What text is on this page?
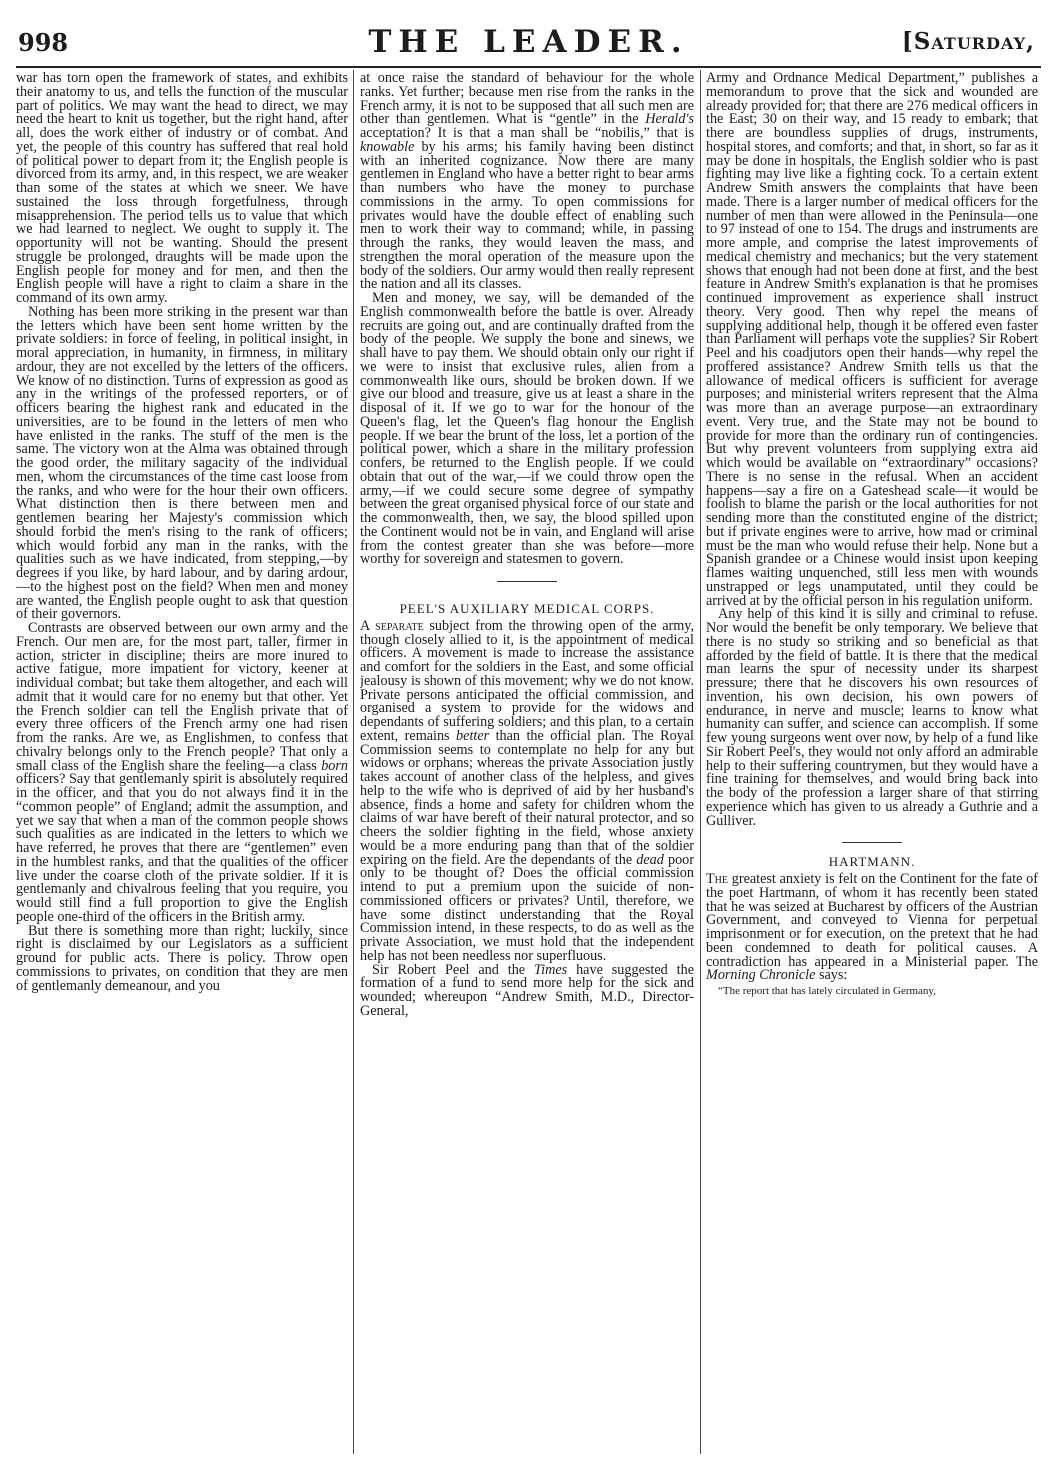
998	THE LEADER.	[Saturday,

war has torn open the framework of states, and exhibits their anatomy to us, and tells the function of the muscular part of politics. We may want the head to direct, we may need the heart to knit us together, but the right hand, after all, does the work either of industry or of combat. And yet, the people of this country has suffered that real hold of political power to depart from it; the English people is divorced from its army, and, in this respect, we are weaker than some of the states at which we sneer. We have sustained the loss through forgetfulness, through misapprehension. The period tells us to value that which we had learned to neglect. We ought to supply it. The opportunity will not be wanting. Should the present struggle be prolonged, draughts will be made upon the English people for money and for men, and then the English people will have a right to claim a share in the command of its own army.

Nothing has been more striking in the present war than the letters which have been sent home written by the private soldiers: in force of feeling, in political insight, in moral appreciation, in humanity, in firmness, in military ardour, they are not excelled by the letters of the officers. We know of no distinction. Turns of expression as good as any in the writings of the professed reporters, or of officers bearing the highest rank and educated in the universities, are to be found in the letters of men who have enlisted in the ranks. The stuff of the men is the same. The victory won at the Alma was obtained through the good order, the military sagacity of the individual men, whom the circumstances of the time cast loose from the ranks, and who were for the hour their own officers. What distinction then is there between men and gentlemen bearing her Majesty's commission which should forbid the men's rising to the rank of officers; which would forbid any man in the ranks, with the qualities such as we have indicated, from stepping,—by degrees if you like, by hard labour, and by daring ardour,—to the highest post on the field? When men and money are wanted, the English people ought to ask that question of their governors.

Contrasts are observed between our own army and the French. Our men are, for the most part, taller, firmer in action, stricter in discipline; theirs are more inured to active fatigue, more impatient for victory, keener at individual combat; but take them altogether, and each will admit that it would care for no enemy but that other. Yet the French soldier can tell the English private that of every three officers of the French army one had risen from the ranks. Are we, as Englishmen, to confess that chivalry belongs only to the French people? That only a small class of the English share the feeling—a class born officers? Say that gentlemanly spirit is absolutely required in the officer, and that you do not always find it in the “common people” of England; admit the assumption, and yet we say that when a man of the common people shows such qualities as are indicated in the letters to which we have referred, he proves that there are “gentlemen” even in the humblest ranks, and that the qualities of the officer live under the coarse cloth of the private soldier. If it is gentlemanly and chivalrous feeling that you require, you would still find a full proportion to give the English people one-third of the officers in the British army.

But there is something more than right; luckily, since right is disclaimed by our Legislators as a sufficient ground for public acts. There is policy. Throw open commissions to privates, on condition that they are men of gentlemanly demeanour, and you

at once raise the standard of behaviour for the whole ranks. Yet further; because men rise from the ranks in the French army, it is not to be supposed that all such men are other than gentlemen. What is “gentle” in the Herald's acceptation? It is that a man shall be “nobilis,” that is knowable by his arms; his family having been distinct with an inherited cognizance. Now there are many gentlemen in England who have a better right to bear arms than numbers who have the money to purchase commissions in the army. To open commissions for privates would have the double effect of enabling such men to work their way to command; while, in passing through the ranks, they would leaven the mass, and strengthen the moral operation of the measure upon the body of the soldiers. Our army would then really represent the nation and all its classes.

Men and money, we say, will be demanded of the English commonwealth before the battle is over. Already recruits are going out, and are continually drafted from the body of the people. We supply the bone and sinews, we shall have to pay them. We should obtain only our right if we were to insist that exclusive rules, alien from a commonwealth like ours, should be broken down. If we give our blood and treasure, give us at least a share in the disposal of it. If we go to war for the honour of the Queen's flag, let the Queen's flag honour the English people. If we bear the brunt of the loss, let a portion of the political power, which a share in the military profession confers, be returned to the English people. If we could obtain that out of the war,—if we could throw open the army,—if we could secure some degree of sympathy between the great organised physical force of our state and the commonwealth, then, we say, the blood spilled upon the Continent would not be in vain, and England will arise from the contest greater than she was before—more worthy for sovereign and statesmen to govern.

PEEL'S AUXILIARY MEDICAL CORPS.

A separate subject from the throwing open of the army, though closely allied to it, is the appointment of medical officers. A movement is made to increase the assistance and comfort for the soldiers in the East, and some official jealousy is shown of this movement; why we do not know. Private persons anticipated the official commission, and organised a system to provide for the widows and dependants of suffering soldiers; and this plan, to a certain extent, remains better than the official plan. The Royal Commission seems to contemplate no help for any but widows or orphans; whereas the private Association justly takes account of another class of the helpless, and gives help to the wife who is deprived of aid by her husband's absence, finds a home and safety for children whom the claims of war have bereft of their natural protector, and so cheers the soldier fighting in the field, whose anxiety would be a more enduring pang than that of the soldier expiring on the field. Are the dependants of the dead poor only to be thought of? Does the official commission intend to put a premium upon the suicide of non-commissioned officers or privates? Until, therefore, we have some distinct understanding that the Royal Commission intend, in these respects, to do as well as the private Association, we must hold that the independent help has not been needless nor superfluous.

Sir Robert Peel and the Times have suggested the formation of a fund to send more help for the sick and wounded; whereupon “Andrew Smith, M.D., Director-General,

Army and Ordnance Medical Department,” publishes a memorandum to prove that the sick and wounded are already provided for; that there are 276 medical officers in the East; 30 on their way, and 15 ready to embark; that there are boundless supplies of drugs, instruments, hospital stores, and comforts; and that, in short, so far as it may be done in hospitals, the English soldier who is past fighting may live like a fighting cock. To a certain extent Andrew Smith answers the complaints that have been made. There is a larger number of medical officers for the number of men than were allowed in the Peninsula—one to 97 instead of one to 154. The drugs and instruments are more ample, and comprise the latest improvements of medical chemistry and mechanics; but the very statement shows that enough had not been done at first, and the best feature in Andrew Smith's explanation is that he promises continued improvement as experience shall instruct theory. Very good. Then why repel the means of supplying additional help, though it be offered even faster than Parliament will perhaps vote the supplies? Sir Robert Peel and his coadjutors open their hands—why repel the proffered assistance? Andrew Smith tells us that the allowance of medical officers is sufficient for average purposes; and ministerial writers represent that the Alma was more than an average purpose—an extraordinary event. Very true, and the State may not be bound to provide for more than the ordinary run of contingencies. But why prevent volunteers from supplying extra aid which would be available on “extraordinary” occasions? There is no sense in the refusal. When an accident happens—say a fire on a Gateshead scale—it would be foolish to blame the parish or the local authorities for not sending more than the constituted engine of the district; but if private engines were to arrive, how mad or criminal must be the man who would refuse their help. None but a Spanish grandee or a Chinese would insist upon keeping flames waiting unquenched, still less men with wounds unstrapped or legs unamputated, until they could be arrived at by the official person in his regulation uniform.

Any help of this kind it is silly and criminal to refuse. Nor would the benefit be only temporary. We believe that there is no study so striking and so beneficial as that afforded by the field of battle. It is there that the medical man learns the spur of necessity under its sharpest pressure; there that he discovers his own resources of invention, his own decision, his own powers of endurance, in nerve and muscle; learns to know what humanity can suffer, and science can accomplish. If some few young surgeons went over now, by help of a fund like Sir Robert Peel's, they would not only afford an admirable help to their suffering countrymen, but they would have a fine training for themselves, and would bring back into the body of the profession a larger share of that stirring experience which has given to us already a Guthrie and a Gulliver.

HARTMANN.

The greatest anxiety is felt on the Continent for the fate of the poet Hartmann, of whom it has recently been stated that he was seized at Bucharest by officers of the Austrian Government, and conveyed to Vienna for perpetual imprisonment or for execution, on the pretext that he had been condemned to death for political causes. A contradiction has appeared in a Ministerial paper. The Morning Chronicle says:

“The report that has lately circulated in Germany,
